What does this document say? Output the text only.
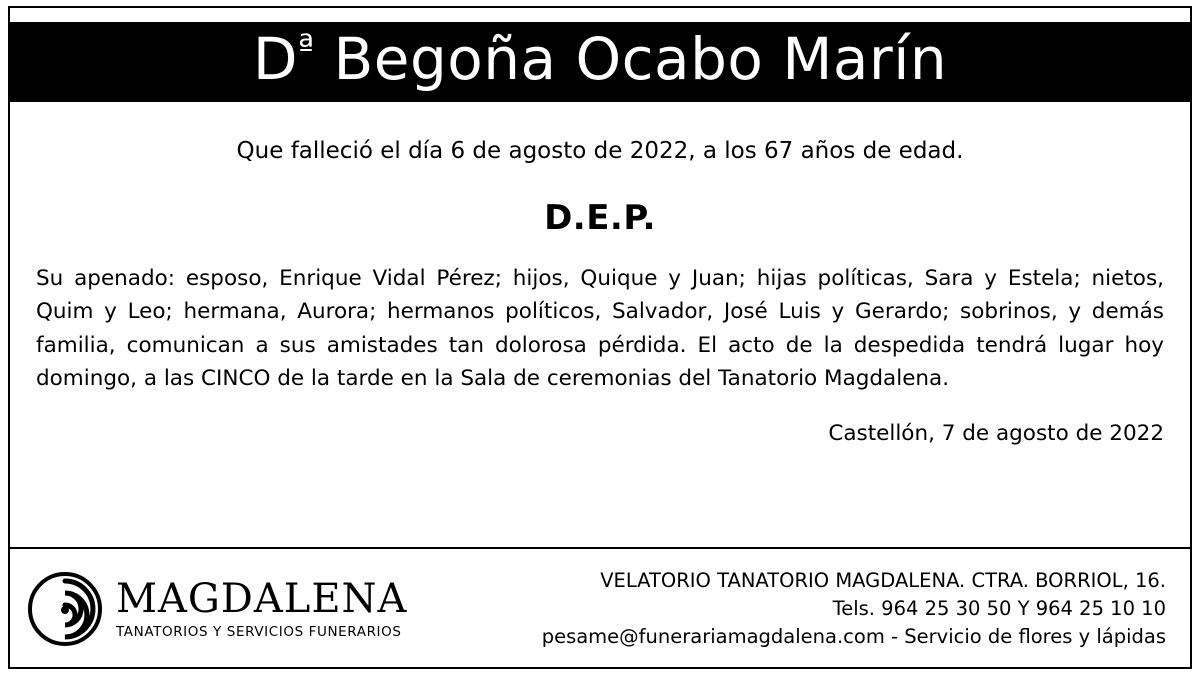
$D^ª$ Begoña Ocabo Marín
Que falleció el día 6 de agosto de 2022, a los 67 años de edad.
D.E.P.
Su apenado: esposo, Enrique Vidal Pérez; hijos, Quique y Juan; hijas políticas, Sara y Estela; nietos, Quim y Leo; hermana, Aurora; hermanos políticos, Salvador, José Luis y Gerardo; sobrinos, y demás familia, comunican a sus amistades tan dolorosa pérdida. El acto de la despedida tendrá lugar hoy domingo, a las CINCO de la tarde en la Sala de ceremonias del Tanatorio Magdalena.
Castellón, 7 de agosto de 2022
MAGDALENA
TANATORIOS Y SERVICIOS FUNERARIOS
VELATORIO TANATORIO MAGDALENA. CTRA. BORRIOL, 16.
Tels. 964 25 30 50 Y 964 25 10 10
pesame@funerariamagdalena.com - Servicio de flores y lápidas
